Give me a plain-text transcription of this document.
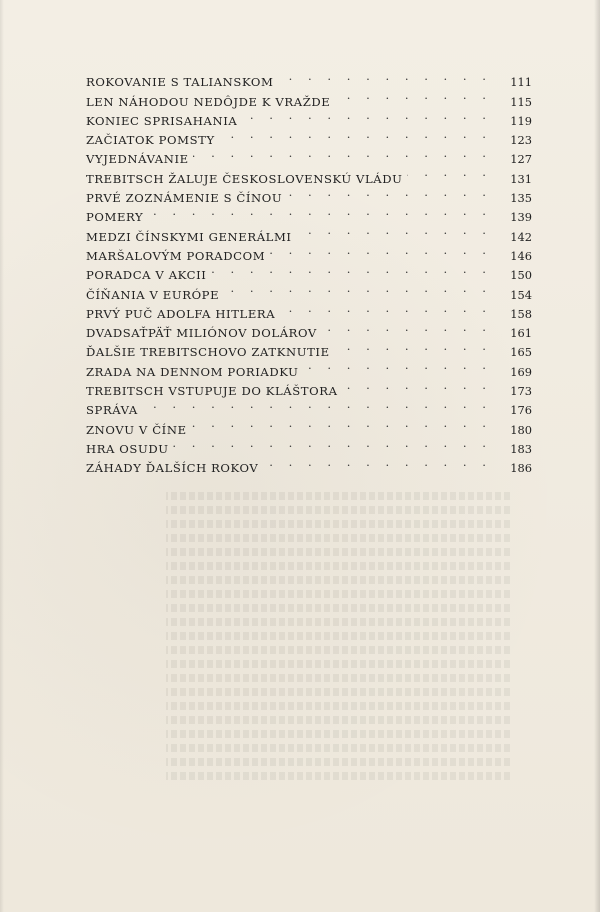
ROKOVANIE S TALIANSKOM . . .	111
LEN NÁHODOU NEDÔJDE K VRAŽDE . . .	115
KONIEC SPRISAHANIA . . .	119
ZAČIATOK POMSTY . . .	123
VYJEDNÁVANIE . . .	127
TREBITSCH ŽALUJE ČESKOSLOVENSKÚ VLÁDU . . .	131
PRVÉ ZOZNÁMENIE S ČÍNOU . . .	135
POMERY . . .	139
MEDZI ČÍNSKYMI GENERÁLMI . . .	142
MARŠALOVÝM PORADCOM . . .	146
PORADCA V AKCII . . .	150
ČÍŇANIA V EURÓPE . . .	154
PRVÝ PUČ ADOLFA HITLERA . . .	158
DVADSAŤPÄŤ MILIÓNOV DOLÁROV . . .	161
ĎALŠIE TREBITSCHOVO ZATKNUTIE . . .	165
ZRADA NA DENNOM PORIADKU . . .	169
TREBITSCH VSTUPUJE DO KLÁŠTORA . . .	173
SPRÁVA . . .	176
ZNOVU V ČÍNE . . .	180
HRA OSUDU . . .	183
ZÁHADY ĎALŠÍCH ROKOV . . .	186
